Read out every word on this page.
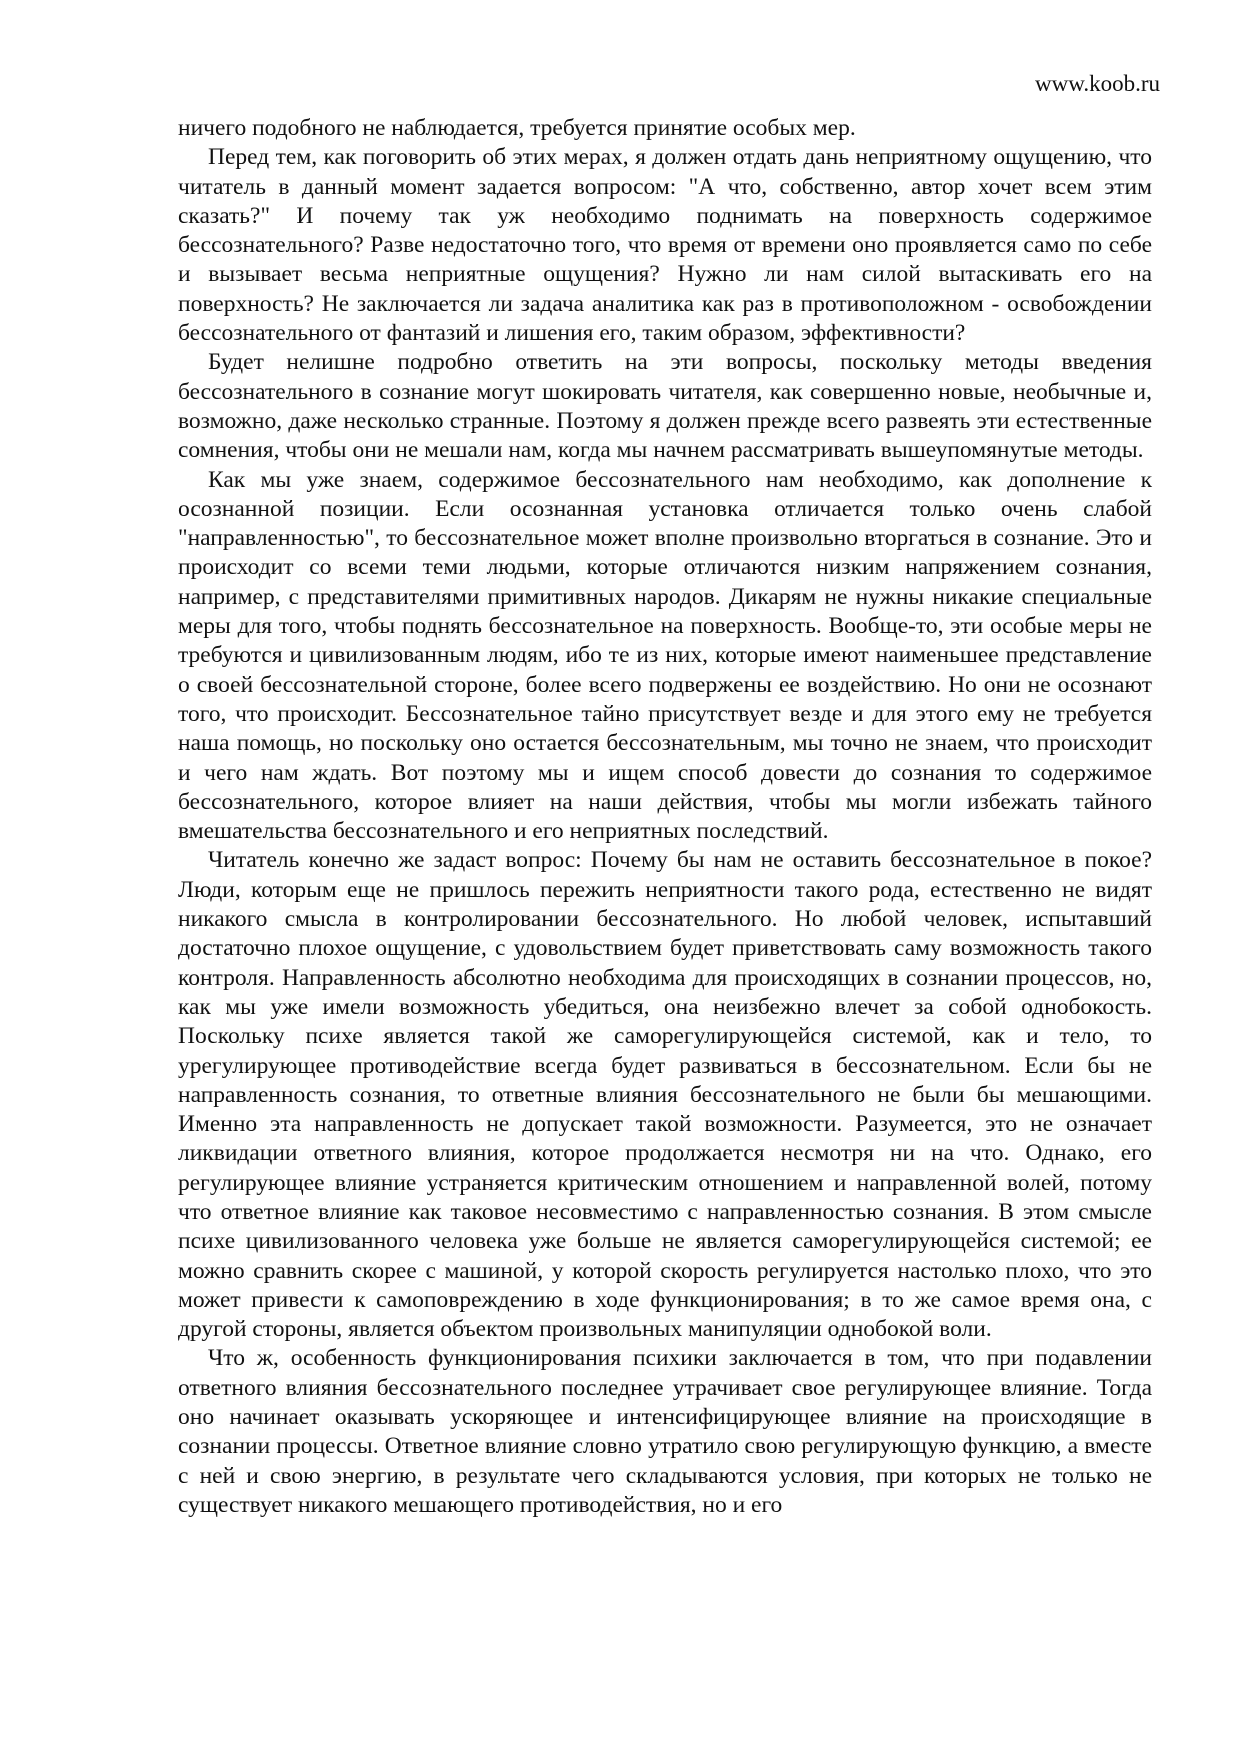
www.koob.ru

ничего подобного не наблюдается, требуется принятие особых мер.

Перед тем, как поговорить об этих мерах, я должен отдать дань неприятному ощущению, что читатель в данный момент задается вопросом: "А что, собственно, автор хочет всем этим сказать?" И почему так уж необходимо поднимать на поверхность содержимое бессознательного? Разве недостаточно того, что время от времени оно проявляется само по себе и вызывает весьма неприятные ощущения? Нужно ли нам силой вытаскивать его на поверхность? Не заключается ли задача аналитика как раз в противоположном - освобождении бессознательного от фантазий и лишения его, таким образом, эффективности?

Будет нелишне подробно ответить на эти вопросы, поскольку методы введения бессознательного в сознание могут шокировать читателя, как совершенно новые, необычные и, возможно, даже несколько странные. Поэтому я должен прежде всего развеять эти естественные сомнения, чтобы они не мешали нам, когда мы начнем рассматривать вышеупомянутые методы.

Как мы уже знаем, содержимое бессознательного нам необходимо, как дополнение к осознанной позиции. Если осознанная установка отличается только очень слабой "направленностью", то бессознательное может вполне произвольно вторгаться в сознание. Это и происходит со всеми теми людьми, которые отличаются низким напряжением сознания, например, с представителями примитивных народов. Дикарям не нужны никакие специальные меры для того, чтобы поднять бессознательное на поверхность. Вообще-то, эти особые меры не требуются и цивилизованным людям, ибо те из них, которые имеют наименьшее представление о своей бессознательной стороне, более всего подвержены ее воздействию. Но они не осознают того, что происходит. Бессознательное тайно присутствует везде и для этого ему не требуется наша помощь, но поскольку оно остается бессознательным, мы точно не знаем, что происходит и чего нам ждать. Вот поэтому мы и ищем способ довести до сознания то содержимое бессознательного, которое влияет на наши действия, чтобы мы могли избежать тайного вмешательства бессознательного и его неприятных последствий.

Читатель конечно же задаст вопрос: Почему бы нам не оставить бессознательное в покое? Люди, которым еще не пришлось пережить неприятности такого рода, естественно не видят никакого смысла в контролировании бессознательного. Но любой человек, испытавший достаточно плохое ощущение, с удовольствием будет приветствовать саму возможность такого контроля. Направленность абсолютно необходима для происходящих в сознании процессов, но, как мы уже имели возможность убедиться, она неизбежно влечет за собой однобокость. Поскольку психе является такой же саморегулирующейся системой, как и тело, то урегулирующее противодействие всегда будет развиваться в бессознательном. Если бы не направленность сознания, то ответные влияния бессознательного не были бы мешающими. Именно эта направленность не допускает такой возможности. Разумеется, это не означает ликвидации ответного влияния, которое продолжается несмотря ни на что. Однако, его регулирующее влияние устраняется критическим отношением и направленной волей, потому что ответное влияние как таковое несовместимо с направленностью сознания. В этом смысле психе цивилизованного человека уже больше не является саморегулирующейся системой; ее можно сравнить скорее с машиной, у которой скорость регулируется настолько плохо, что это может привести к самоповреждению в ходе функционирования; в то же самое время она, с другой стороны, является объектом произвольных манипуляции однобокой воли.

Что ж, особенность функционирования психики заключается в том, что при подавлении ответного влияния бессознательного последнее утрачивает свое регулирующее влияние. Тогда оно начинает оказывать ускоряющее и интенсифицирующее влияние на происходящие в сознании процессы. Ответное влияние словно утратило свою регулирующую функцию, а вместе с ней и свою энергию, в результате чего складываются условия, при которых не только не существует никакого мешающего противодействия, но и его
